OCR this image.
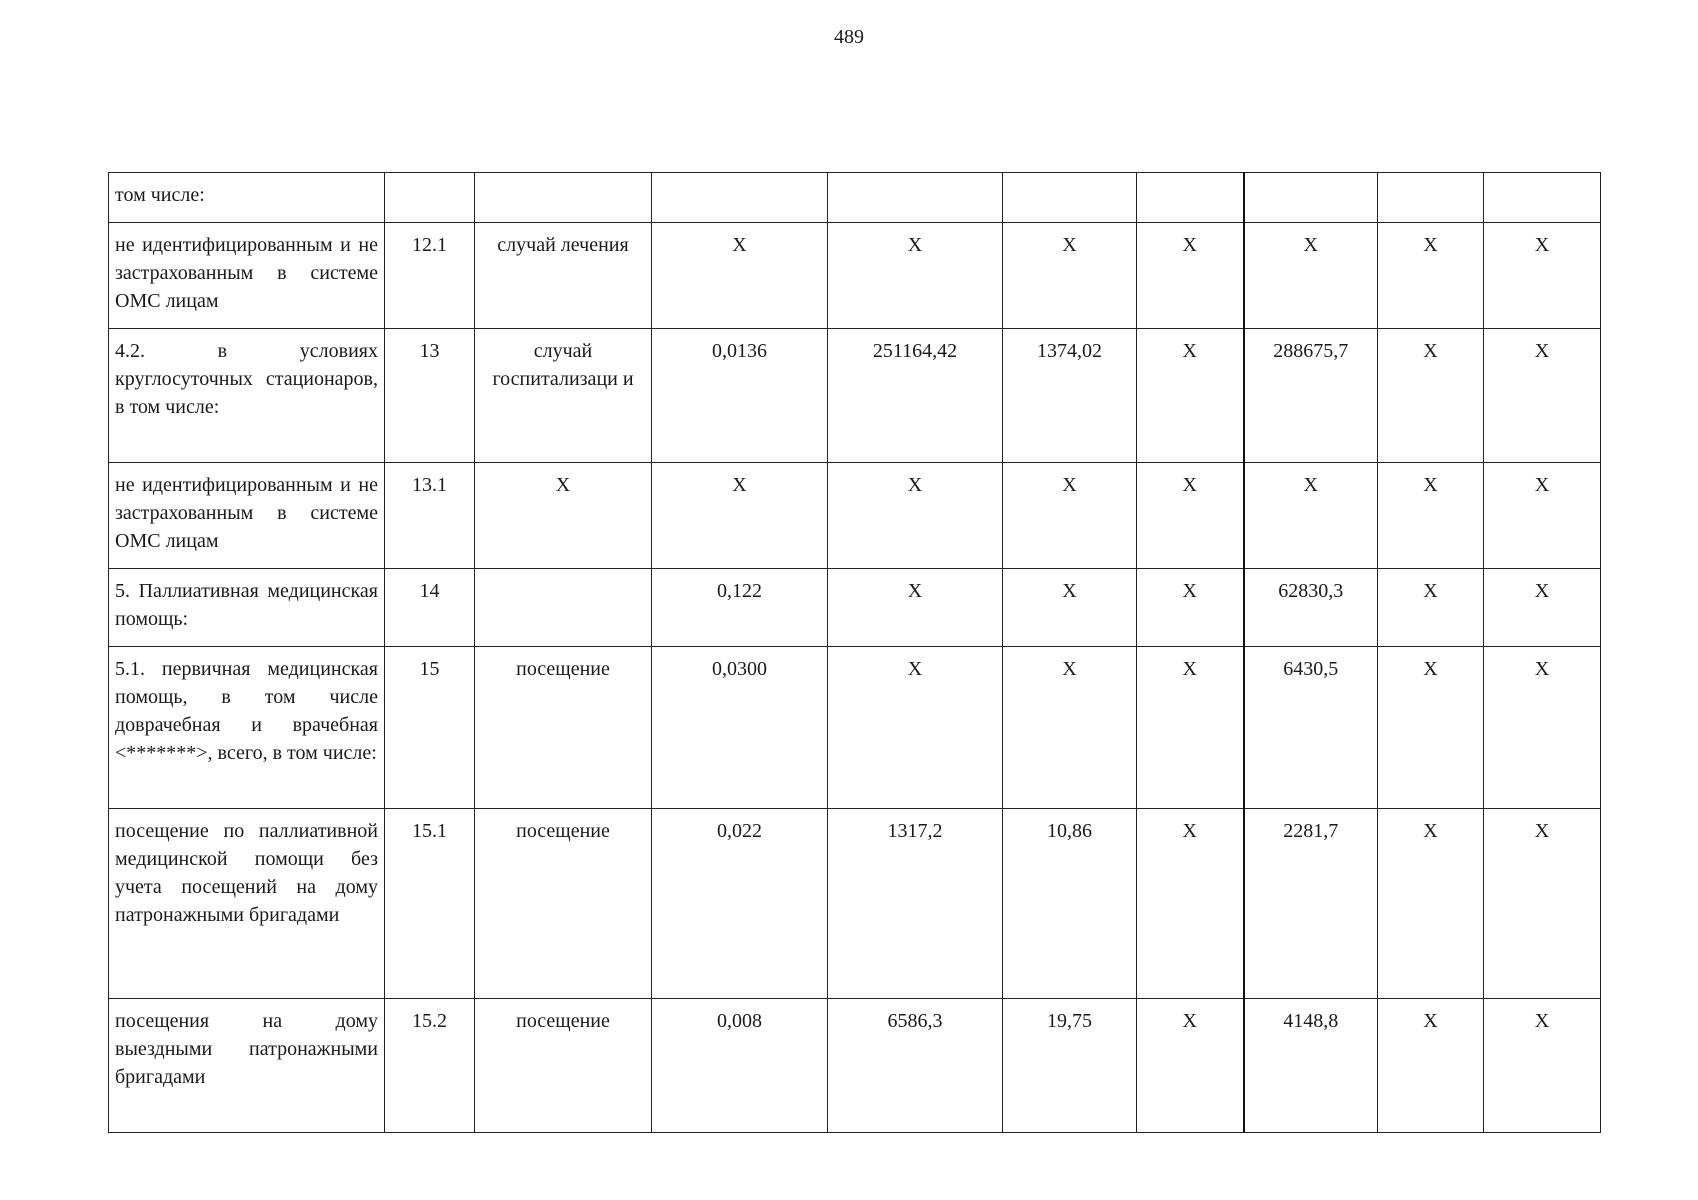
489
том числе:									
не идентифицированным и не застрахованным в системе ОМС лицам	12.1	случай лечения	Х	Х	Х	Х	Х	Х	Х
4.2. в условиях круглосуточных стационаров, в том числе:	13	случай госпитализаци и	0,0136	251164,42	1374,02	Х	288675,7	Х	Х
не идентифицированным и не застрахованным в системе ОМС лицам	13.1	Х	Х	Х	Х	Х	Х	Х	Х
5. Паллиативная медицинская помощь:	14		0,122	Х	Х	Х	62830,3	Х	Х
5.1. первичная медицинская помощь, в том числе доврачебная и врачебная <*******>, всего, в том числе:	15	посещение	0,0300	Х	Х	Х	6430,5	Х	Х
посещение по паллиативной медицинской помощи без учета посещений на дому патронажными бригадами	15.1	посещение	0,022	1317,2	10,86	Х	2281,7	Х	Х
посещения на дому выездными патронажными бригадами	15.2	посещение	0,008	6586,3	19,75	Х	4148,8	Х	Х
